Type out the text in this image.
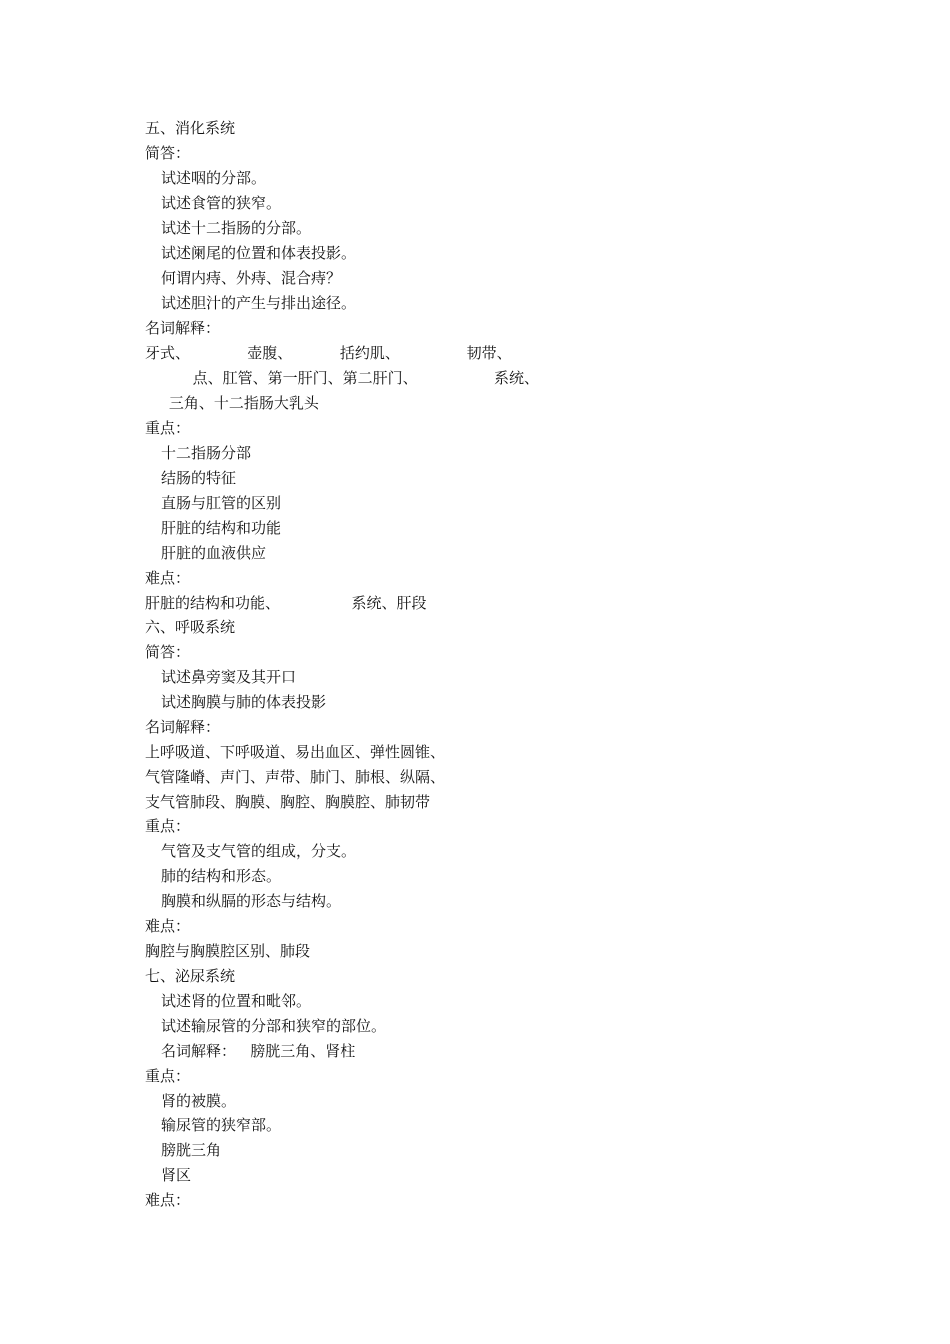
五、消化系统

简答：

试述咽的分部。

试述食管的狭窄。

试述十二指肠的分部。

试述阑尾的位置和体表投影。

何谓内痔、外痔、混合痔？

试述胆汁的产生与排出途径。

名词解释：

牙式、            壶腹、          括约肌、              韧带、

点、肛管、第一肝门、第二肝门、                系统、

三角、十二指肠大乳头

重点：

十二指肠分部

结肠的特征

直肠与肛管的区别

肝脏的结构和功能

肝脏的血液供应

难点：

肝脏的结构和功能、               系统、肝段

六、呼吸系统

简答：

试述鼻旁窦及其开口

试述胸膜与肺的体表投影

名词解释：

上呼吸道、下呼吸道、易出血区、弹性圆锥、

气管隆嵴、声门、声带、肺门、肺根、纵隔、

支气管肺段、胸膜、胸腔、胸膜腔、肺韧带

重点：

气管及支气管的组成，分支。

肺的结构和形态。

胸膜和纵膈的形态与结构。

难点：

胸腔与胸膜腔区别、肺段

七、泌尿系统

试述肾的位置和毗邻。

试述输尿管的分部和狭窄的部位。

名词解释：   膀胱三角、肾柱

重点：

肾的被膜。

输尿管的狭窄部。

膀胱三角

肾区

难点：
